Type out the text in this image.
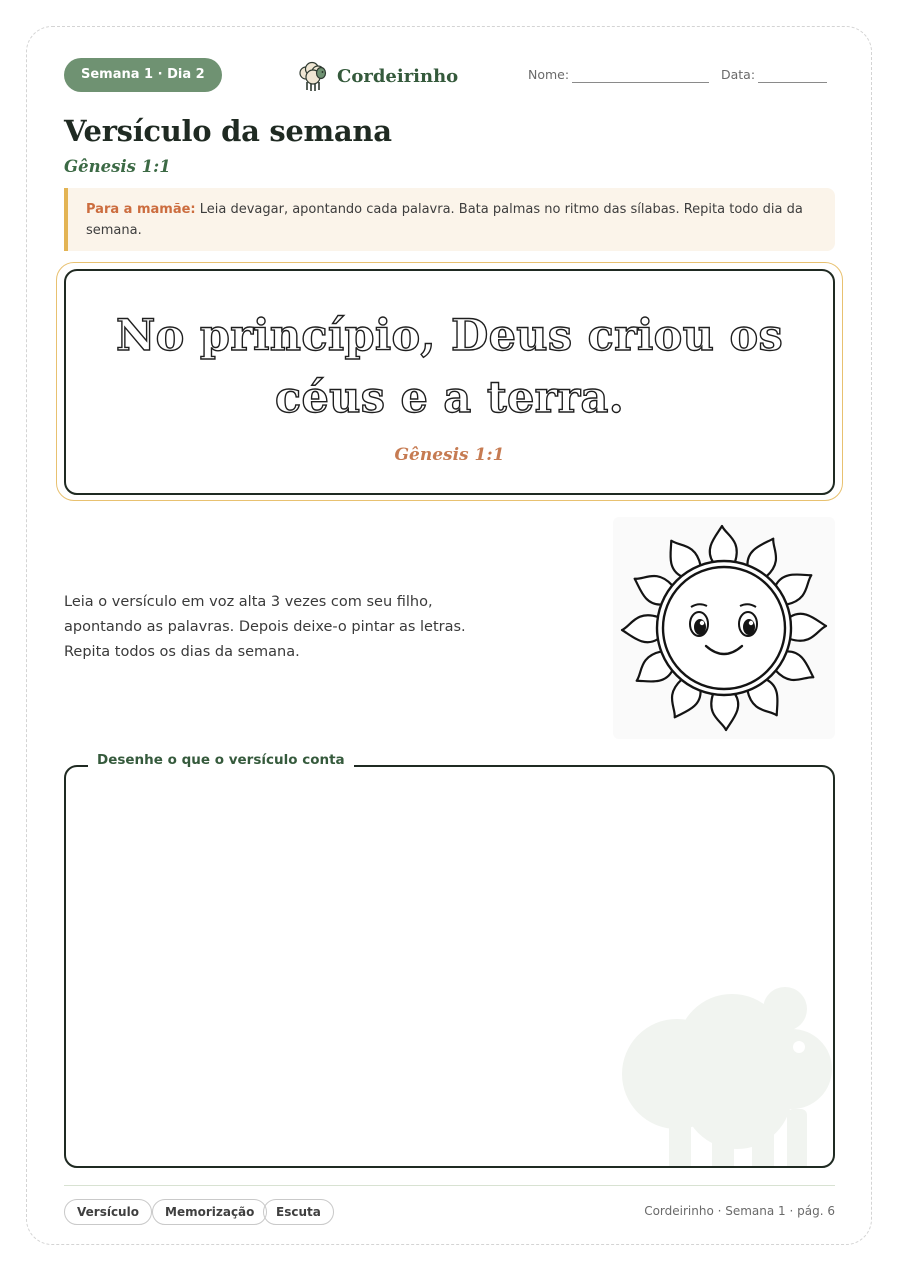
Semana 1 · Dia 2	Cordeirinho	Nome:	Data:
Versículo da semana
Gênesis 1:1
Para a mamãe: Leia devagar, apontando cada palavra. Bata palmas no ritmo das sílabas. Repita todo dia da semana.
No princípio, Deus criou os
céus e a terra.
Gênesis 1:1
Leia o versículo em voz alta 3 vezes com seu filho,
apontando as palavras. Depois deixe-o pintar as letras.
Repita todos os dias da semana.
Desenhe o que o versículo conta
Versículo	Memorização	Escuta	Cordeirinho · Semana 1 · pág. 6
